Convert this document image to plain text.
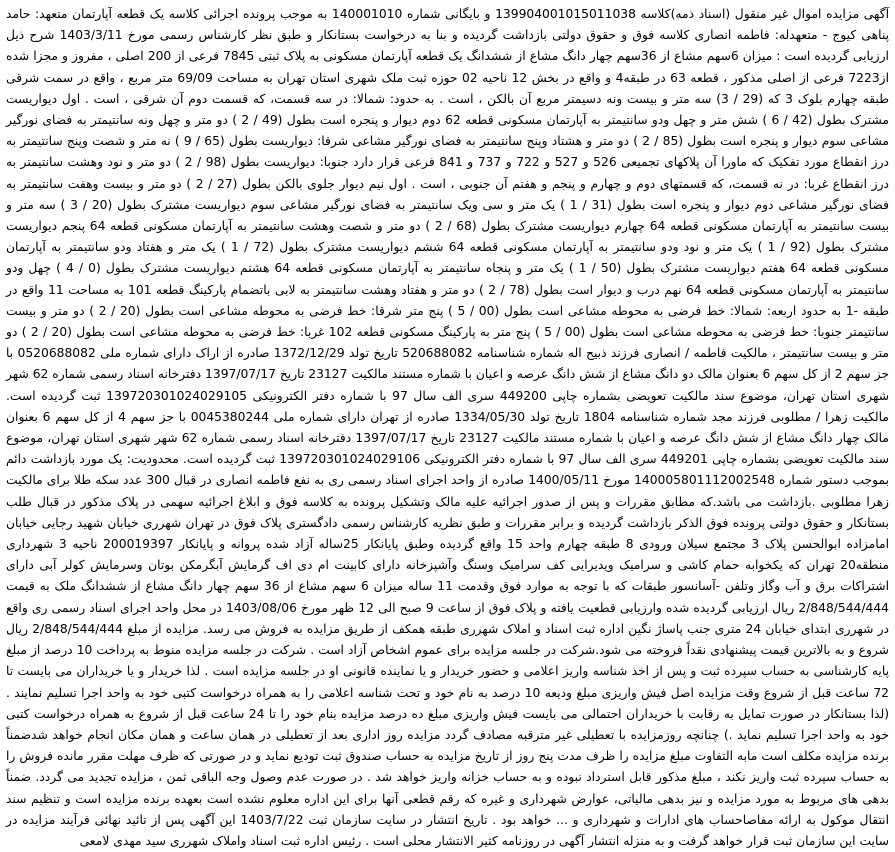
آگهی مزایده اموال غیر منقول (اسناد ذمه)کلاسه 13990400101501103‌8 و بایگانی شماره 140001010 به موجب پرونده اجرائی کلاسه یک قطعه آپارتمان متعهد: حامد پناهی کیوج - متعهدله: فاطمه انصاری کلاسه فوق و حقوق دولتی بازداشت گردیده و بنا به درخواست بستانکار و طبق نظر کارشناس رسمی مورخ 1403/3/11 شرح ذیل ارزیابی گردیده است : میزان 6سهم مشاع از 36سهم چهار دانگ مشاع از ششدانگ یک قطعه آپارتمان مسکونی به پلاک ثبتی 7845 فرعی از 200 اصلی ، مفروز و مجزا شده از7223 فرعی از اصلی مذکور ، قطعه 63 در طبقه4 و واقع در بخش 12 ناحیه 02 حوزه ثبت ملک شهری استان تهران به مساحت 69/09 متر مربع ، واقع در سمت شرقی طبقه چهارم بلوک 3 که (29 / 3) سه متر و بیست ونه دسیمتر مربع آن بالکن ، است . به حدود: شمالا: در سه قسمت، که قسمت دوم آن شرقی ، است . اول دیواریست مشترک بطول (42 / 6 ) شش متر و چهل ودو سانتیمتر به آپارتمان مسکونی قطعه 62 دوم دیوار و پنجره است بطول (49 / 2 ) دو متر و چهل ونه سانتیمتر به فضای نورگیر مشاعی سوم دیوار و پنجره است بطول (85 / 2 ) دو متر و هشتاد وپنج سانتیمتر به فضای نورگیر مشاعی شرقا: دیواریست بطول (65 / 9 ) نه متر و شصت وپنج سانتیمتر به درز انقطاع مورد تفکیک که ماورا آن پلاکهای تجمیعی 526 و 527 و 722 و 737 و 841 فرعی قرار دارد جنوبا: دیواریست بطول (98 / 2 ) دو متر و نود وهشت سانتیمتر به درز انقطاع غربا: در نه قسمت، که قسمتهای دوم و چهارم و پنجم و هفتم آن جنوبی ، است . اول نیم دیوار جلوی بالکن بطول (27 / 2 ) دو متر و بیست وهفت سانتیمتر به فضای نورگیر مشاعی دوم دیوار و پنجره است بطول (31 / 1 ) یک متر و سی ویک سانتیمتر به فضای نورگیر مشاعی سوم دیواریست مشترک بطول (20 / 3 ) سه متر و بیست سانتیمتر به آپارتمان مسکونی قطعه 64 چهارم دیواریست مشترک بطول (68 / 2 ) دو متر و شصت وهشت سانتیمتر به آپارتمان مسکونی قطعه 64 پنجم دیواریست مشترک بطول (92 / 1 ) یک متر و نود ودو سانتیمتر به آپارتمان مسکونی قطعه 64 ششم دیواریست مشترک بطول (72 / 1 ) یک متر و هفتاد ودو سانتیمتر به آپارتمان مسکونی قطعه 64 هفتم دیواریست مشترک بطول (50 / 1 ) یک متر و پنجاه سانتیمتر به آپارتمان مسکونی قطعه 64 هشتم دیواریست مشترک بطول (0 / 4 ) چهل ودو سانتیمتر به آپارتمان مسکونی قطعه 64 نهم درب و دیوار است بطول (78 / 2 ) دو متر و هفتاد وهشت سانتیمتر به لابی باتضمام پارکینگ قطعه 101 به مساحت 11 واقع در طبقه -1 به حدود اربعه: شمالا: خط فرضی به محوطه مشاعی است بطول (00 / 5 ) پنج متر شرقا: خط فرضی به محوطه مشاعی است بطول (20 / 2 ) دو متر و بیست سانتیمتر جنوبا: خط فرضی به محوطه مشاعی است بطول (00 / 5 ) پنج متر به پارکینگ مسکونی قطعه 102 غربا: خط فرضی به محوطه مشاعی است بطول (20 / 2 ) دو متر و بیست سانتیمتر ، مالکیت فاطمه / انصاری فرزند ذبیح اله شماره شناسنامه 520688082 تاریخ تولد 1372/12/29 صادره از اراک دارای شماره ملی 0520688082 با جز سهم 2 از کل سهم 6 بعنوان مالک دو دانگ مشاع از شش دانگ عرصه و اعیان با شماره مستند مالکیت 23127 تاریخ 1397/07/17 دفترخانه اسناد رسمی شماره 62 شهر شهری استان تهران، موضوع سند مالکیت تعویضی بشماره چاپی 449200 سری الف سال 97 با شماره دفتر الکترونیکی 139720301024029105 ثبت گردیده است. مالکیت زهرا / مطلوبی فرزند مجد شماره شناسنامه 1804 تاریخ تولد 1334/05/30 صادره از تهران دارای شماره ملی 0045380244 با جز سهم 4 از کل سهم 6 بعنوان مالک چهار دانگ مشاع از شش دانگ عرصه و اعیان با شماره مستند مالکیت 23127 تاریخ 1397/07/17 دفترخانه اسناد رسمی شماره 62 شهر شهری استان تهران، موضوع سند مالکیت تعویضی بشماره چاپی 449201 سری الف سال 97 با شماره دفتر الکترونیکی 139720301024029106 ثبت گردیده است. محدودیت: یک مورد بازداشت دائم بموجب دستور شماره 140005801112002548 مورخ 1400/05/11 صادره از واحد اجرای اسناد رسمی ری به نفع فاطمه انصاری در قبال 300 عدد سکه طلا برای مالکیت زهرا مطلوبی .بازداشت می باشد.که مطابق مقررات و پس از صدور اجرائیه علیه مالک وتشکیل پرونده به کلاسه فوق و ابلاغ اجرائیه سهمی در پلاک مذکور در قبال طلب بستانکار و حقوق دولتی پرونده فوق الذکر بازداشت گردیده و برابر مقررات و طبق نظریه کارشناس رسمی دادگستری پلاک فوق در تهران شهرری خیابان شهید رجایی خیابان امامزاده ابوالحسن پلاک 3 مجتمع سیلان ورودی 8 طبقه چهارم واحد 15 واقع گردیده وطبق پایانکار 25ساله آزاد شده پروانه و پایانکار 200019397 ناحیه 3 شهرداری منطقه20 تهران که یکخوابه حمام کاشی و سرامیک ویدیرایی کف سرامیک وسنگ وآشپزخانه دارای کابینت ام دی اف گرمایش آبگرمکن بوتان وسرمایش کولر آبی دارای اشتراکات برق و آب وگاز وتلفن -آسانسور طبقات که با توجه به موارد فوق وقدمت 11 ساله میزان 6 سهم مشاع از 36 سهم چهار دانگ مشاع از ششدانگ ملک به قیمت 2/848/544/444 ریال ارزیابی گردیده شده وارزیابی قطعیت یافته و پلاک فوق از ساعت 9 صبح الی 12 ظهر مورخ 1403/08/06 در محل واحد اجرای اسناد رسمی ری واقع در شهرری ابتدای خیابان 24 متری جنب پاساژ نگین اداره ثبت اسناد و املاک شهرری طبقه همکف از طریق مزایده به فروش می رسد. مزایده از مبلغ 2/848/544/444 ریال شروع و به بالاترین قیمت پیشنهادی نقداً فروخته می شود.شرکت در جلسه مزایده برای عموم اشخاص آزاد است . شرکت در جلسه مزایده منوط به پرداخت 10 درصد از مبلغ پایه کارشناسی به حساب سپرده ثبت و پس از اخذ شناسه واریز اعلامی و حضور خریدار و یا نماینده قانونی او در جلسه مزایده است . لذا خریدار و یا خریداران می بایست تا 72 ساعت قبل از شروع وقت مزایده اصل فیش واریزی مبلغ ودیعه 10 درصد به نام خود و تحت شناسه اعلامی را به همراه درخواست کتبی خود به واحد اجرا تسلیم نمایند .(لذا بستانکار در صورت تمایل به رقابت با خریداران احتمالی می بایست فیش واریزی مبلغ ده درصد مزایده بنام خود را تا 24 ساعت قبل از شروع به همراه درخواست کتبی خود به واحد اجرا تسلیم نماید .) چنانچه روزمزایده با تعطیلی غیر مترقبه مصادف گردد مزایده روز اداری بعد از تعطیلی در همان ساعت و همان مکان انجام خواهد شدضمناً برنده مزایده مکلف است مابه التفاوت مبلغ مزایده را ظرف مدت پنج روز از تاریخ مزایده به حساب صندوق ثبت تودیع نماید و در صورتی که ظرف مهلت مقرر مانده فروش را به حساب سپرده ثبت واریز نکند ، مبلغ مذکور قابل استرداد نبوده و به حساب خزانه واریز خواهد شد . در صورت عدم وصول وجه الباقی ثمن ، مزایده تجدید می گردد. ضمناً بدهی های مربوط به مورد مزایده و نیز بدهی مالیاتی، عوارض شهرداری و غیره که رقم قطعی آنها برای این اداره معلوم نشده است بعهده برنده مزایده است و تنظیم سند انتقال موکول به ارائه مفاصاحساب های ادارات و شهرداری و ... خواهد بود . تاریخ انتشار در سایت سازمان ثبت 1403/7/22 این آگهی پس از تائید نهائی فرآیند مزایده در سایت این سازمان ثبت قرار خواهد گرفت و به منزله انتشار آگهی در روزنامه کثیر الانتشار محلی است . رئیس اداره ثبت اسناد واملاک شهرری سید مهدی لامعی
